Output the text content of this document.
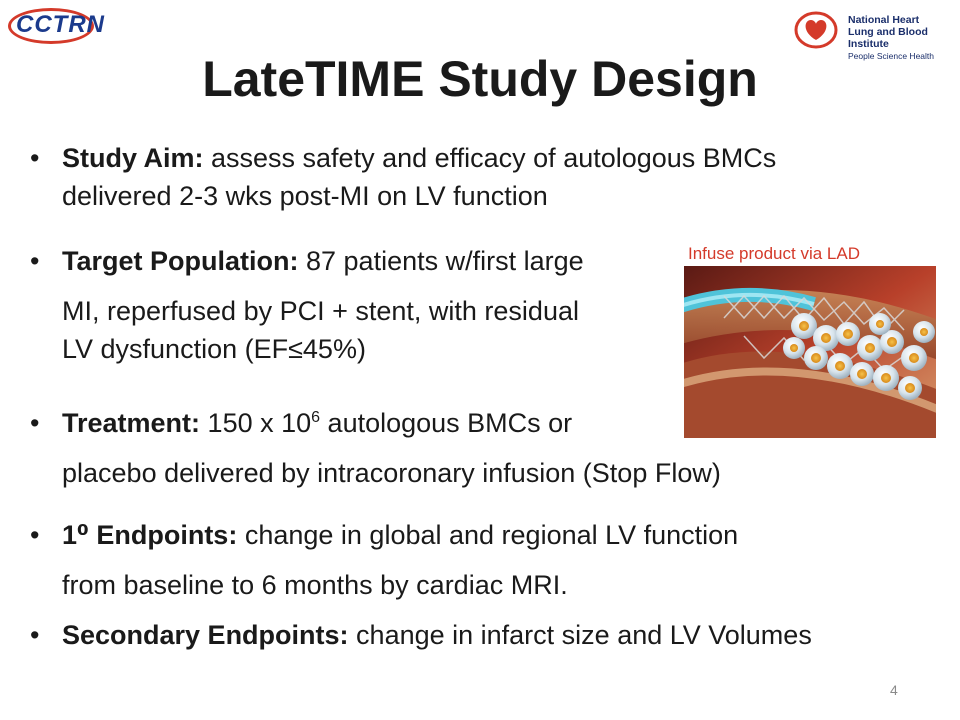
CCTRN	National Heart
Lung and Blood Institute
People Science Health
LateTIME Study Design
• Study Aim: assess safety and efficacy of autologous BMCs
delivered 2-3 wks post-MI on LV function
• Target Population: 87 patients w/first large
MI, reperfused by PCI + stent, with residual
LV dysfunction (EF≤45%)
• Treatment: 150 x $10^6$ autologous BMCs or
placebo delivered by intracoronary infusion (Stop Flow)
• 1⁰ Endpoints: change in global and regional LV function
from baseline to 6 months by cardiac MRI.
• Secondary Endpoints: change in infarct size and LV Volumes
Infuse product via LAD
4
